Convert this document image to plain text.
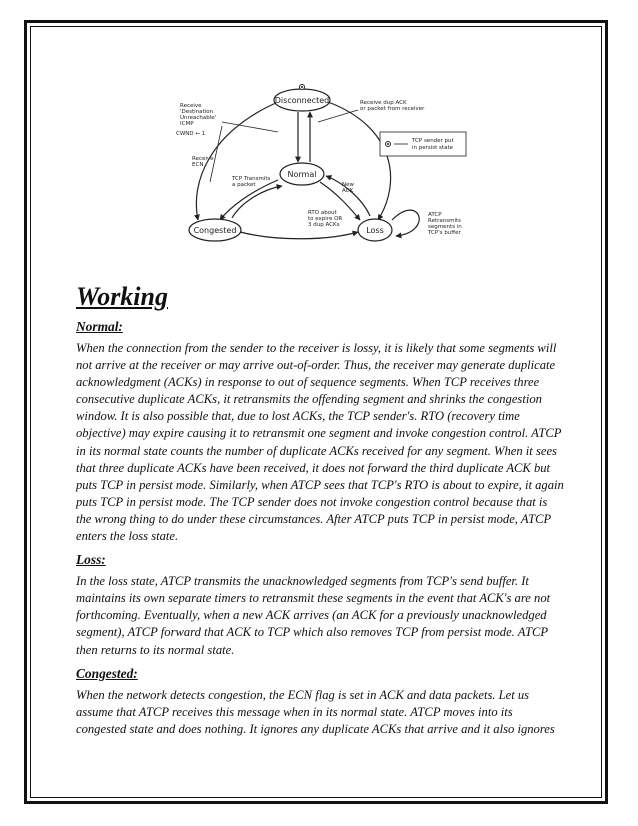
Disconnected
Normal
Congested	Loss
Receive
'Destination
Unreachable'
ICMP
CWND ← 1
Receive
ECN
TCP Transmits
a packet	New
ACK
RTO about
to expire OR
3 dup ACKs
Receive dup ACK
or packet from receiver
TCP sender put
in persist state
ATCP
Retransmits
segments in
TCP's buffer
Working
Normal:

When the connection from the sender to the receiver is lossy, it is likely that some segments will not arrive at the receiver or may arrive out-of-order. Thus, the receiver may generate duplicate acknowledgment (ACKs) in response to out of sequence segments. When TCP receives three consecutive duplicate ACKs, it retransmits the offending segment and shrinks the congestion window. It is also possible that, due to lost ACKs, the TCP sender's. RTO (recovery time objective) may expire causing it to retransmit one segment and invoke congestion control. ATCP in its normal state counts the number of duplicate ACKs received for any segment. When it sees that three duplicate ACKs have been received, it does not forward the third duplicate ACK but puts TCP in persist mode. Similarly, when ATCP sees that TCP's RTO is about to expire, it again puts TCP in persist mode. The TCP sender does not invoke congestion control because that is the wrong thing to do under these circumstances. After ATCP puts TCP in persist mode, ATCP enters the loss state.

Loss:

In the loss state, ATCP transmits the unacknowledged segments from TCP's send buffer. It maintains its own separate timers to retransmit these segments in the event that ACK's are not forthcoming. Eventually, when a new ACK arrives (an ACK for a previously unacknowledged segment), ATCP forward that ACK to TCP which also removes TCP from persist mode. ATCP then returns to its normal state.

Congested:

When the network detects congestion, the ECN flag is set in ACK and data packets. Let us assume that ATCP receives this message when in its normal state. ATCP moves into its congested state and does nothing. It ignores any duplicate ACKs that arrive and it also ignores
